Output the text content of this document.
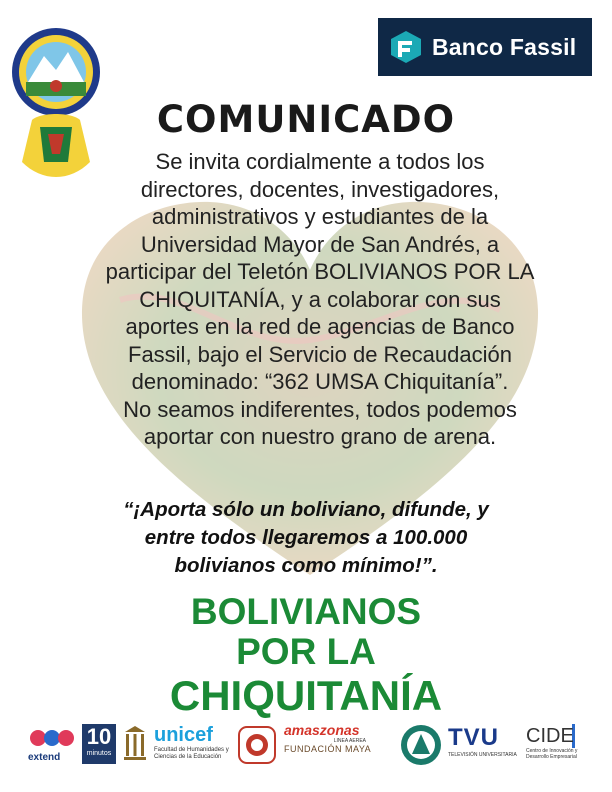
Banco Fassil
COMUNICADO
Se invita cordialmente a todos los
directores, docentes, investigadores,
administrativos y estudiantes de la
Universidad Mayor de San Andrés, a
participar del Teletón BOLIVIANOS POR LA
CHIQUITANÍA, y a colaborar con sus
aportes en la red de agencias de Banco
Fassil, bajo el Servicio de Recaudación
denominado: “362 UMSA Chiquitanía”.
No seamos indiferentes, todos podemos
aportar con nuestro grano de arena.
“¡Aporta sólo un boliviano, difunde, y
entre todos llegaremos a 100.000
bolivianos como mínimo!”.
BOLIVIANOS
POR LA
CHIQUITANÍA
extend
10
minutos
unicef
Facultad de Humanidades y Ciencias de la Educación
amaszonas
LINEA AEREA
FUNDACIÓN MAYA	TVU
TELEVISIÓN UNIVERSITARIA
CIDE
Centro de Innovación y Desarrollo Empresarial
